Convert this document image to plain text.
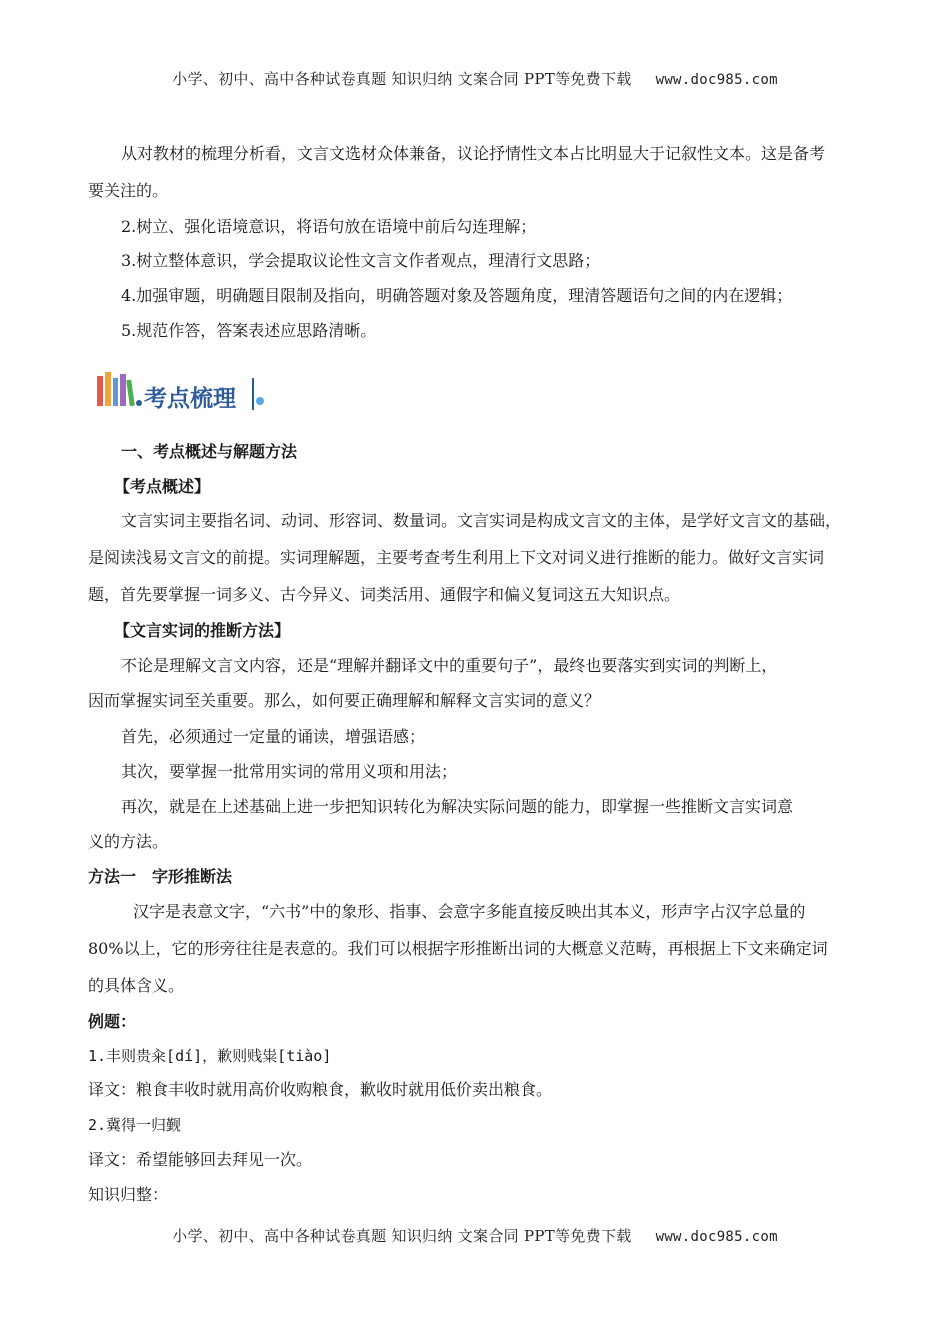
小学、初中、高中各种试卷真题 知识归纳 文案合同 PPT等免费下载 www.doc985.com
从对教材的梳理分析看，文言文选材众体兼备，议论抒情性文本占比明显大于记叙性文本。这是备考
要关注的。
2.树立、强化语境意识，将语句放在语境中前后勾连理解；
3.树立整体意识，学会提取议论性文言文作者观点，理清行文思路；
4.加强审题，明确题目限制及指向，明确答题对象及答题角度，理清答题语句之间的内在逻辑；
5.规范作答，答案表述应思路清晰。
考点梳理
一、考点概述与解题方法
【考点概述】
文言实词主要指名词、动词、形容词、数量词。文言实词是构成文言文的主体，是学好文言文的基础，
是阅读浅易文言文的前提。实词理解题，主要考查考生利用上下文对词义进行推断的能力。做好文言实词
题，首先要掌握一词多义、古今异义、词类活用、通假字和偏义复词这五大知识点。
【文言实词的推断方法】
不论是理解文言文内容，还是“理解并翻译文中的重要句子”，最终也要落实到实词的判断上，
因而掌握实词至关重要。那么，如何要正确理解和解释文言实词的意义？
首先，必须通过一定量的诵读，增强语感；
其次，要掌握一批常用实词的常用义项和用法；
再次，就是在上述基础上进一步把知识转化为解决实际问题的能力，即掌握一些推断文言实词意
义的方法。
方法一　字形推断法
汉字是表意文字，“六书”中的象形、指事、会意字多能直接反映出其本义，形声字占汉字总量的
80%以上，它的形旁往往是表意的。我们可以根据字形推断出词的大概意义范畴，再根据上下文来确定词
的具体含义。
例题：
1.丰则贵籴[dí]，歉则贱粜[tiào]
译文：粮食丰收时就用高价收购粮食，歉收时就用低价卖出粮食。
2.冀得一归觐
译文：希望能够回去拜见一次。
知识归整：
小学、初中、高中各种试卷真题 知识归纳 文案合同 PPT等免费下载 www.doc985.com
